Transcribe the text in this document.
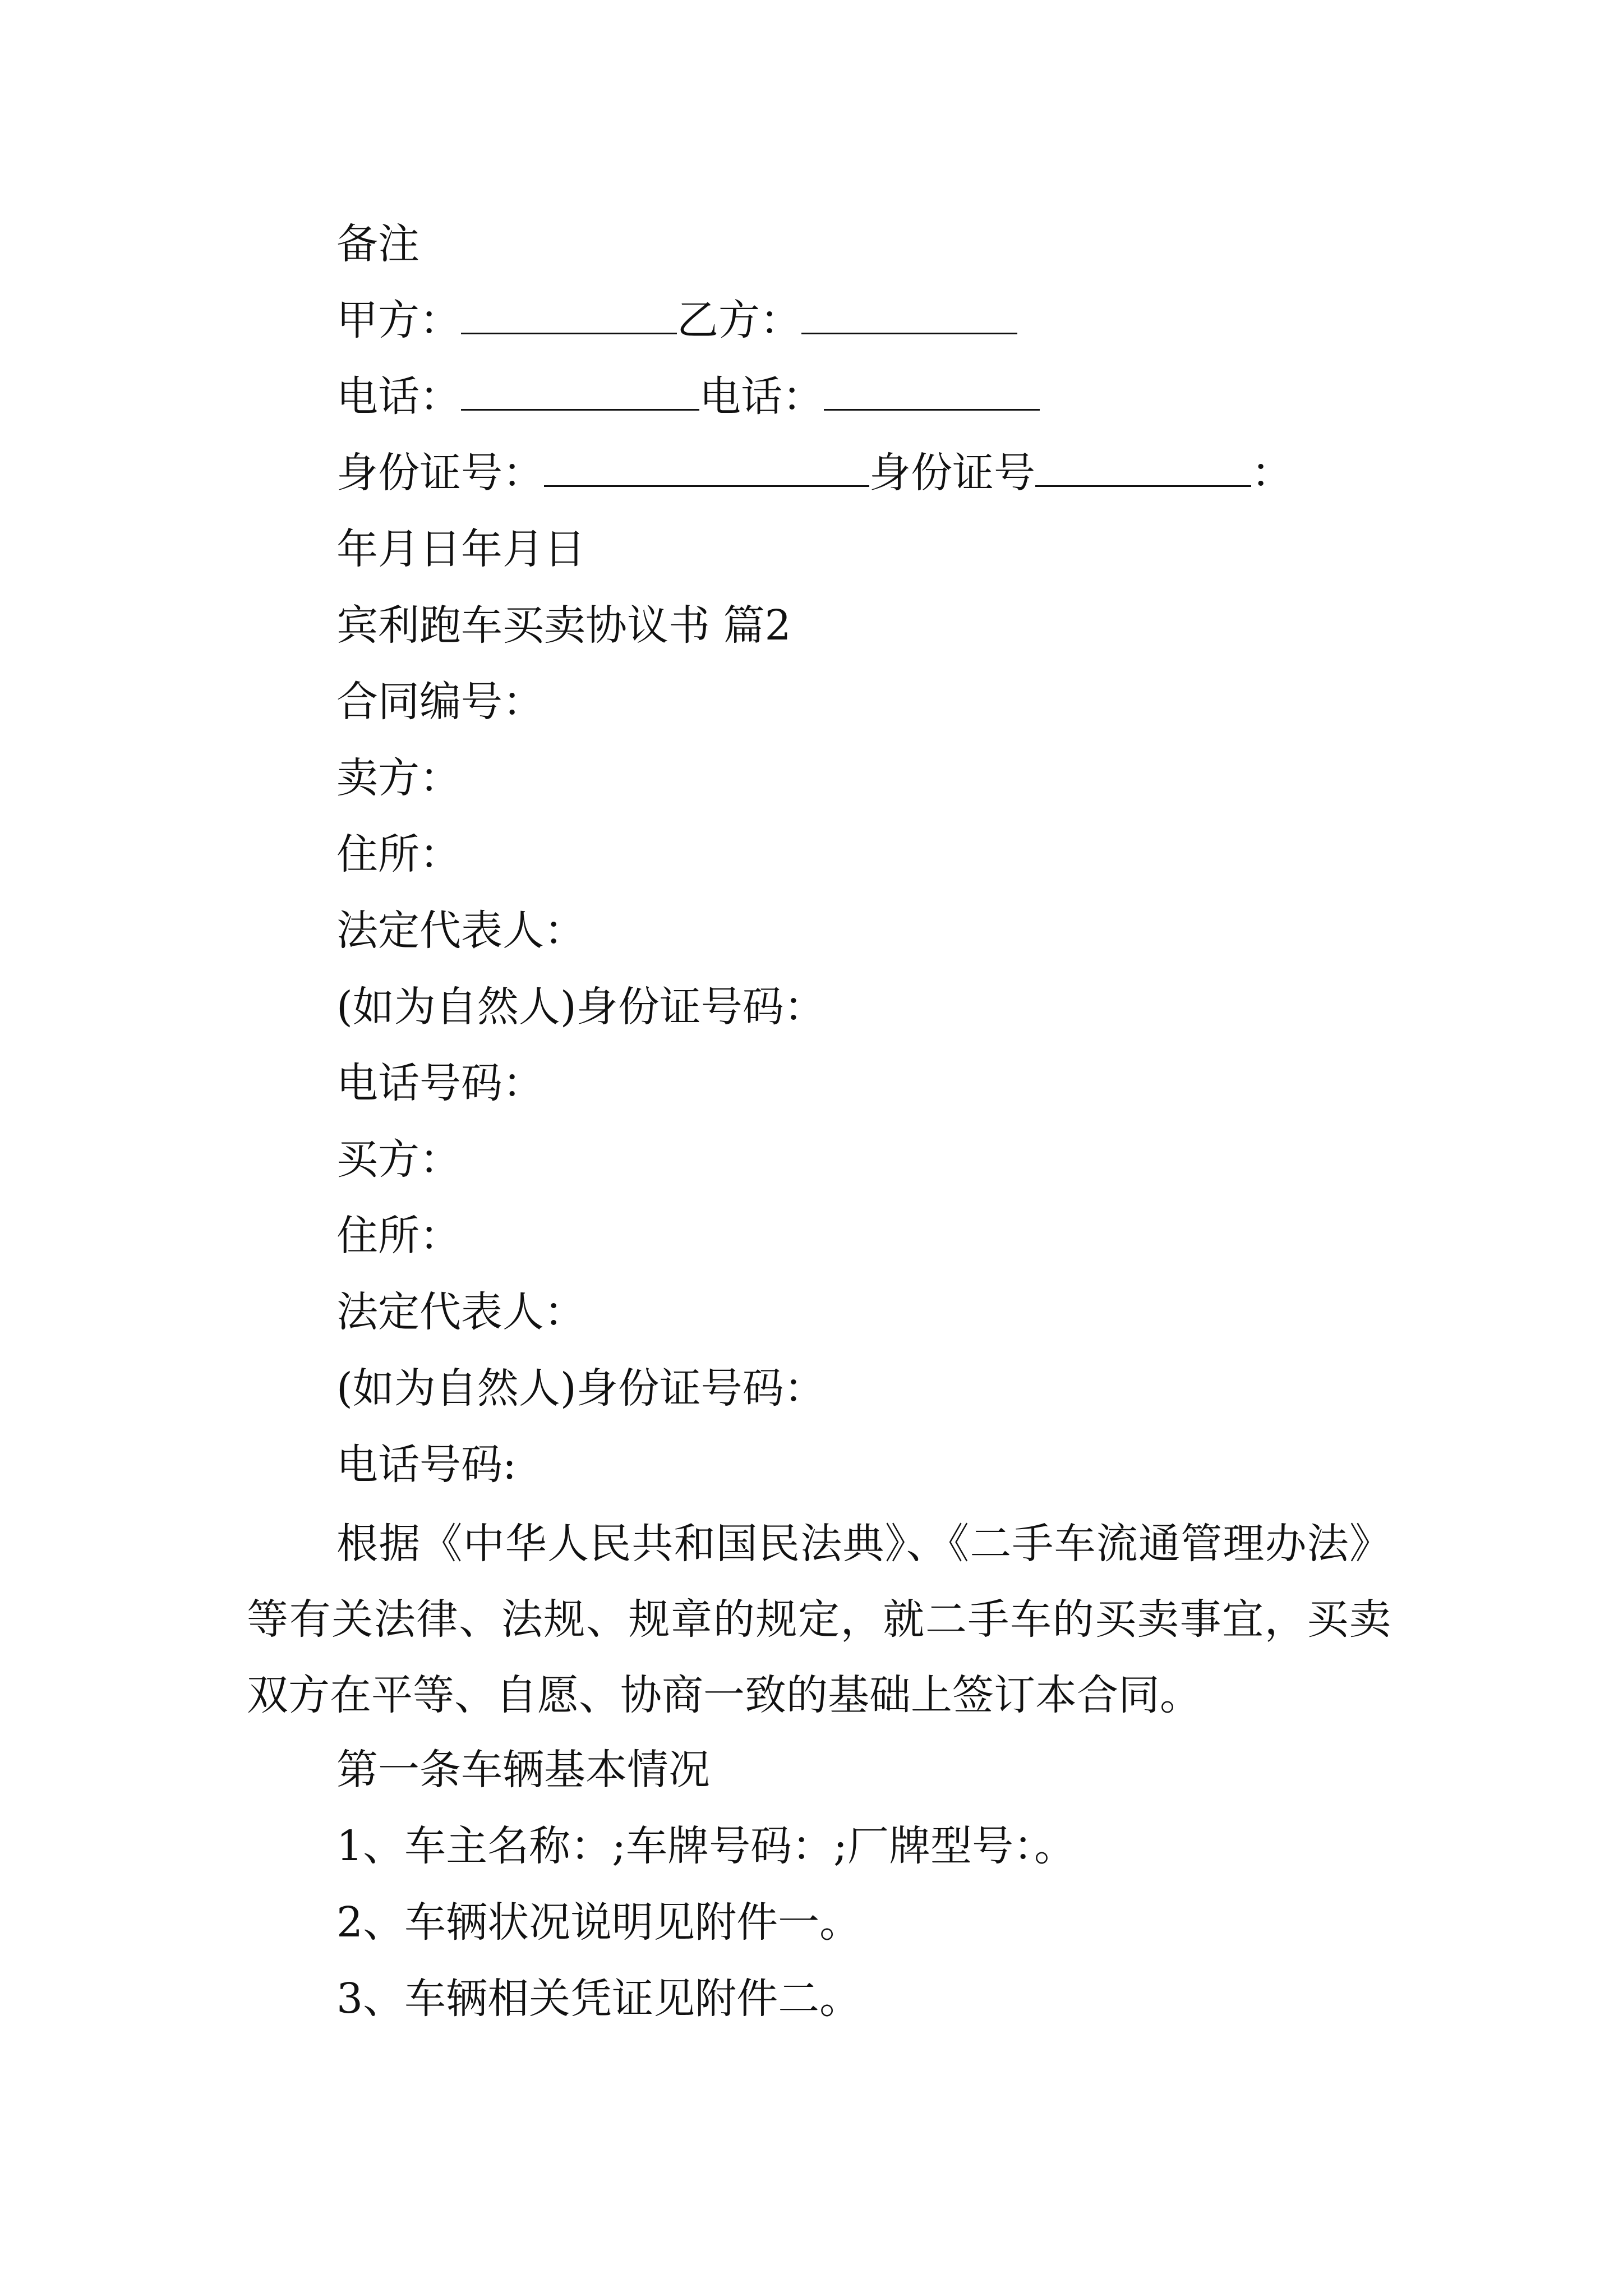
备注
甲方：	乙方：
电话：	电话：
身份证号：	身份证号	：
年月日年月日
宾利跑车买卖协议书 篇2
合同编号：
卖方：
住所：
法定代表人：
(如为自然人)身份证号码：
电话号码：
买方：
住所：
法定代表人：
(如为自然人)身份证号码：
电话号码:
根据《中华人民共和国民法典》、《二手车流通管理办法》等有关法律、法规、规章的规定，就二手车的买卖事宜，买卖双方在平等、自愿、协商一致的基础上签订本合同。
第一条车辆基本情况
1、车主名称：;车牌号码：;厂牌型号：。
2、车辆状况说明见附件一。
3、车辆相关凭证见附件二。
